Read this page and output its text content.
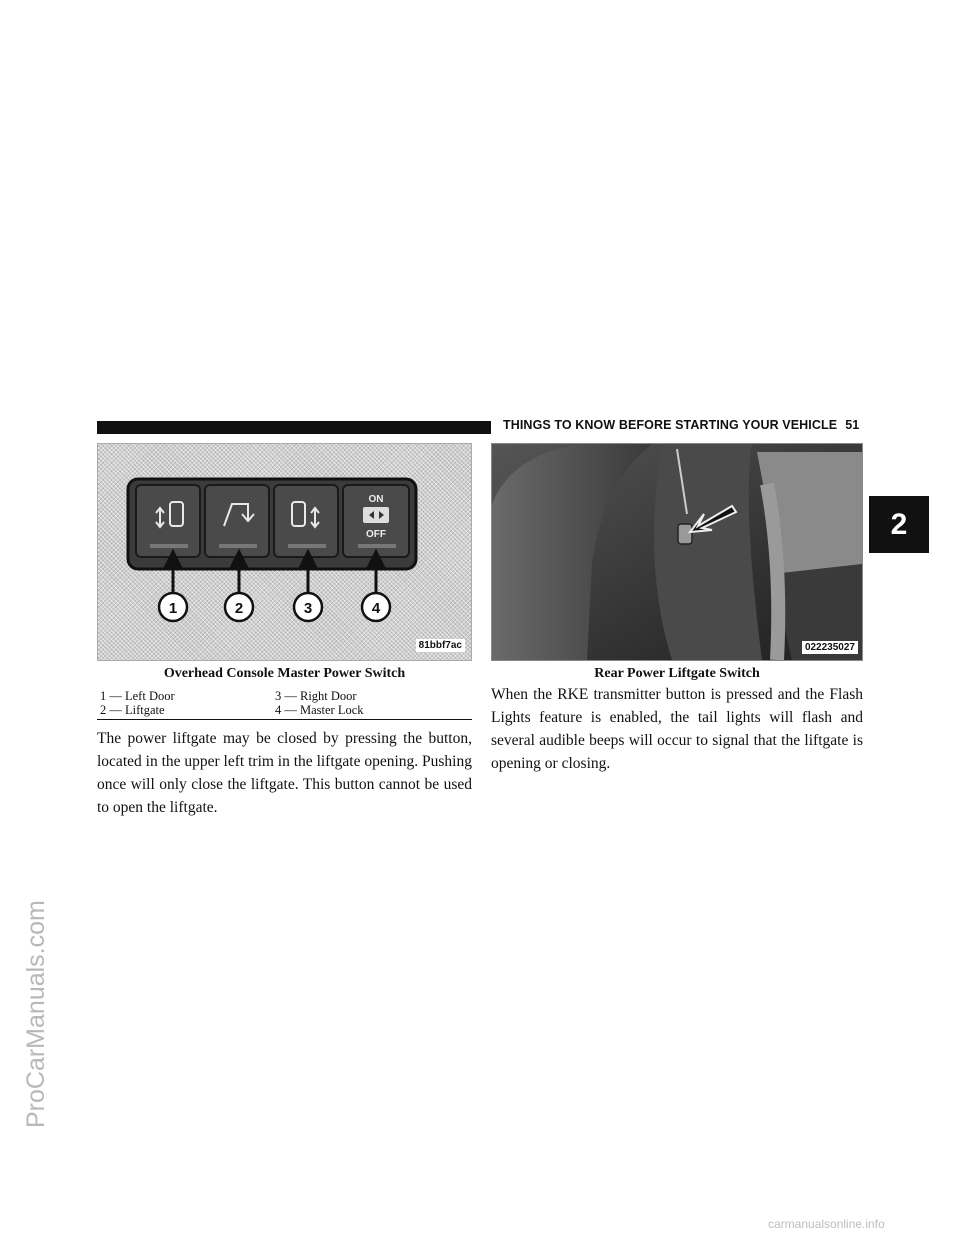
THINGS TO KNOW BEFORE STARTING YOUR VEHICLE 51
2
ProCarManuals.com
ON
OFF
1	2	3	4
81bbf7ac
Overhead Console Master Power Switch
1 — Left Door	3 — Right Door
2 — Liftgate	4 — Master Lock
022235027
Rear Power Liftgate Switch
The power liftgate may be closed by pressing the button, located in the upper left trim in the liftgate opening. Pushing once will only close the liftgate. This button cannot be used to open the liftgate.
When the RKE transmitter button is pressed and the Flash Lights feature is enabled, the tail lights will flash and several audible beeps will occur to signal that the liftgate is opening or closing.
carmanualsonline.info
